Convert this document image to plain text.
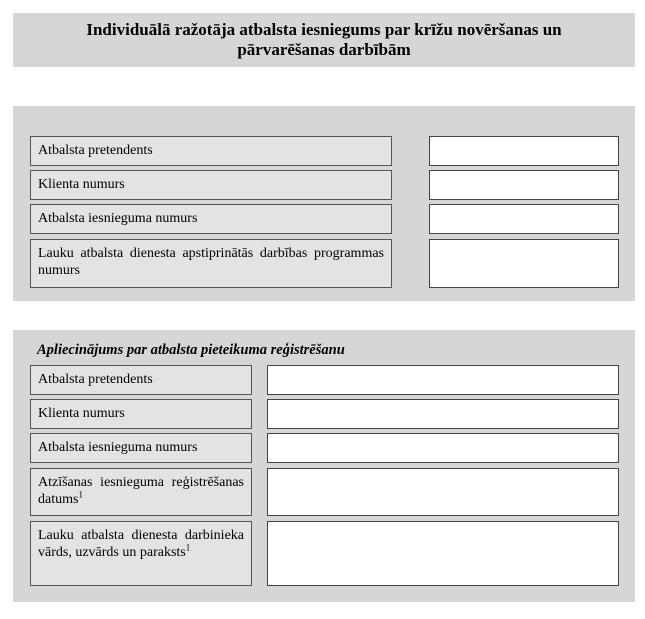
Individuālā ražotāja atbalsta iesniegums par krīžu novēršanas un pārvarēšanas darbībām
Atbalsta pretendents
Klienta numurs
Atbalsta iesnieguma numurs
Lauku atbalsta dienesta apstiprinātās darbības programmas numurs
Apliecinājums par atbalsta pieteikuma reģistrēšanu
Atbalsta pretendents
Klienta numurs
Atbalsta iesnieguma numurs
Atzīšanas iesnieguma reģistrēšanas datums$^1$
Lauku atbalsta dienesta darbinieka vārds, uzvārds un paraksts$^1$
